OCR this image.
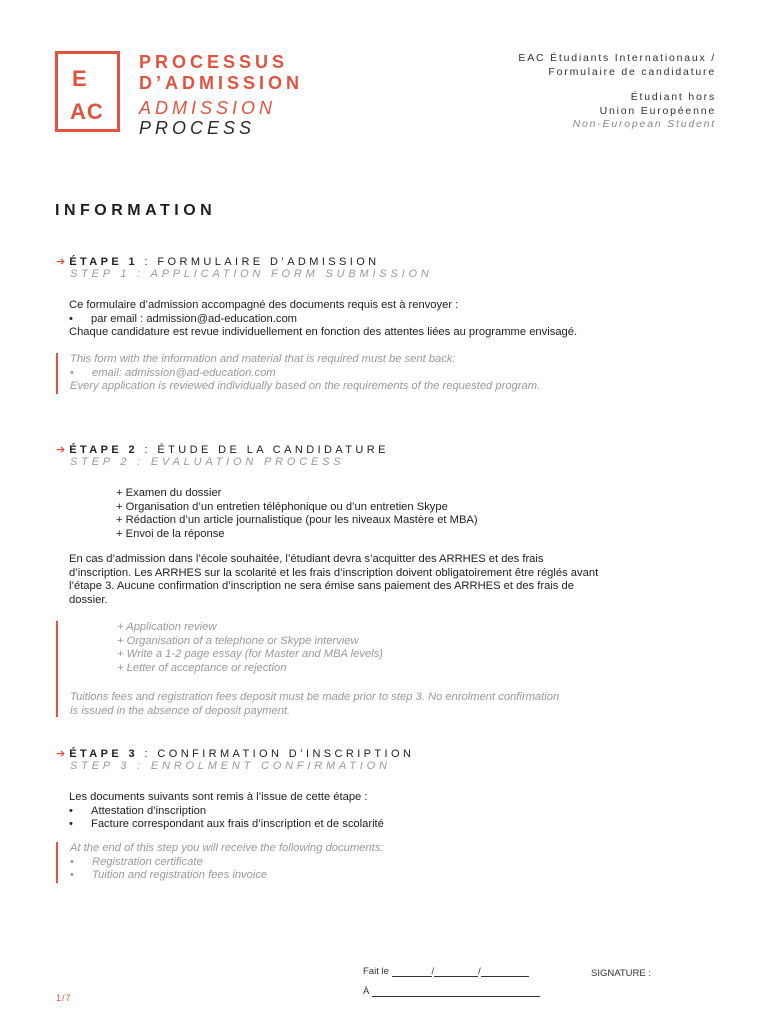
E
AC
PROCESSUS
D’ADMISSION
ADMISSION
PROCESS
EAC Étudiants Internationaux /
Formulaire de candidature
Étudiant hors
Union Européenne
Non-European Student
INFORMATION
➔ ÉTAPE 1 : FORMULAIRE D’ADMISSION
STEP 1 : APPLICATION FORM SUBMISSION
Ce formulaire d’admission accompagné des documents requis est à renvoyer :
• par email : admission@ad-education.com
Chaque candidature est revue individuellement en fonction des attentes liées au programme envisagé.
This form with the information and material that is required must be sent back:
• email: admission@ad-education.com
Every application is reviewed individually based on the requirements of the requested program.
➔ ÉTAPE 2 : ÉTUDE DE LA CANDIDATURE
STEP 2 : EVALUATION PROCESS
+ Examen du dossier
+ Organisation d’un entretien téléphonique ou d’un entretien Skype
+ Rédaction d’un article journalistique (pour les niveaux Mastère et MBA)
+ Envoi de la réponse
En cas d’admission dans l’école souhaitée, l’étudiant devra s’acquitter des ARRHES et des frais
d’inscription. Les ARRHES sur la scolarité et les frais d’inscription doivent obligatoirement être réglés avant
l’étape 3. Aucune confirmation d’inscription ne sera émise sans paiement des ARRHES et des frais de
dossier.
+ Application review
+ Organisation of a telephone or Skype interview
+ Write a 1-2 page essay (for Master and MBA levels)
+ Letter of acceptance or rejection
Tuitions fees and registration fees deposit must be made prior to step 3. No enrolment confirmation
is issued in the absence of deposit payment.
➔ ÉTAPE 3 : CONFIRMATION D’INSCRIPTION
STEP 3 : ENROLMENT CONFIRMATION
Les documents suivants sont remis à l’issue de cette étape :
• Attestation d’inscription
• Facture correspondant aux frais d’inscription et de scolarité
At the end of this step you will receive the following documents:
• Registration certificate
• Tuition and registration fees invoice
Fait le	/	/
À
SIGNATURE :
1/7
